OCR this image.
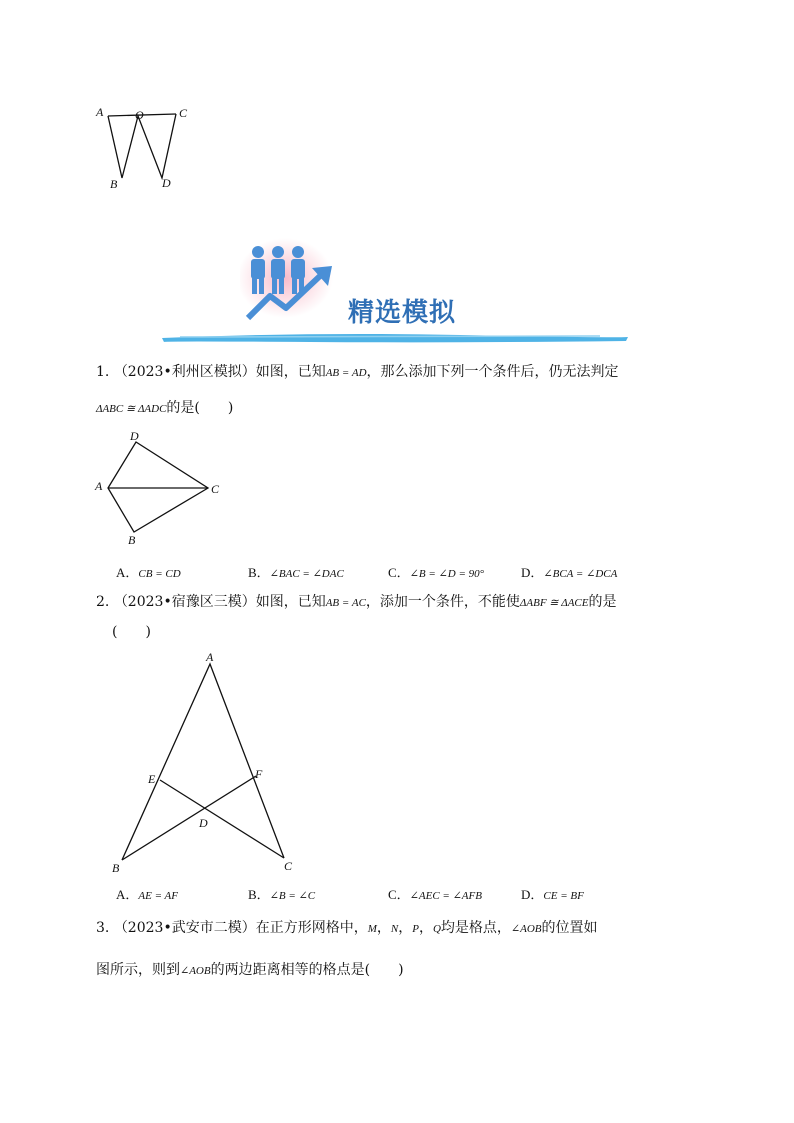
A	O	C
B	D
精选模拟
1. （2023•利州区模拟）如图，已知AB = AD，那么添加下列一个条件后，仍无法判定
ΔABC ≅ ΔADC的是(　　)
D
A	C
B
A．CB = CD	B．∠BAC = ∠DAC	C．∠B = ∠D = 90°	D．∠BCA = ∠DCA
2. （2023•宿豫区三模）如图，已知AB = AC，添加一个条件，不能使ΔABF ≅ ΔACE的是
(　　)
A
E	F
D
B	C
A．AE = AF	B．∠B = ∠C	C．∠AEC = ∠AFB	D．CE = BF
3. （2023•武安市二模）在正方形网格中，M，N，P，Q均是格点，∠AOB的位置如
图所示，则到∠AOB的两边距离相等的格点是(　　)
